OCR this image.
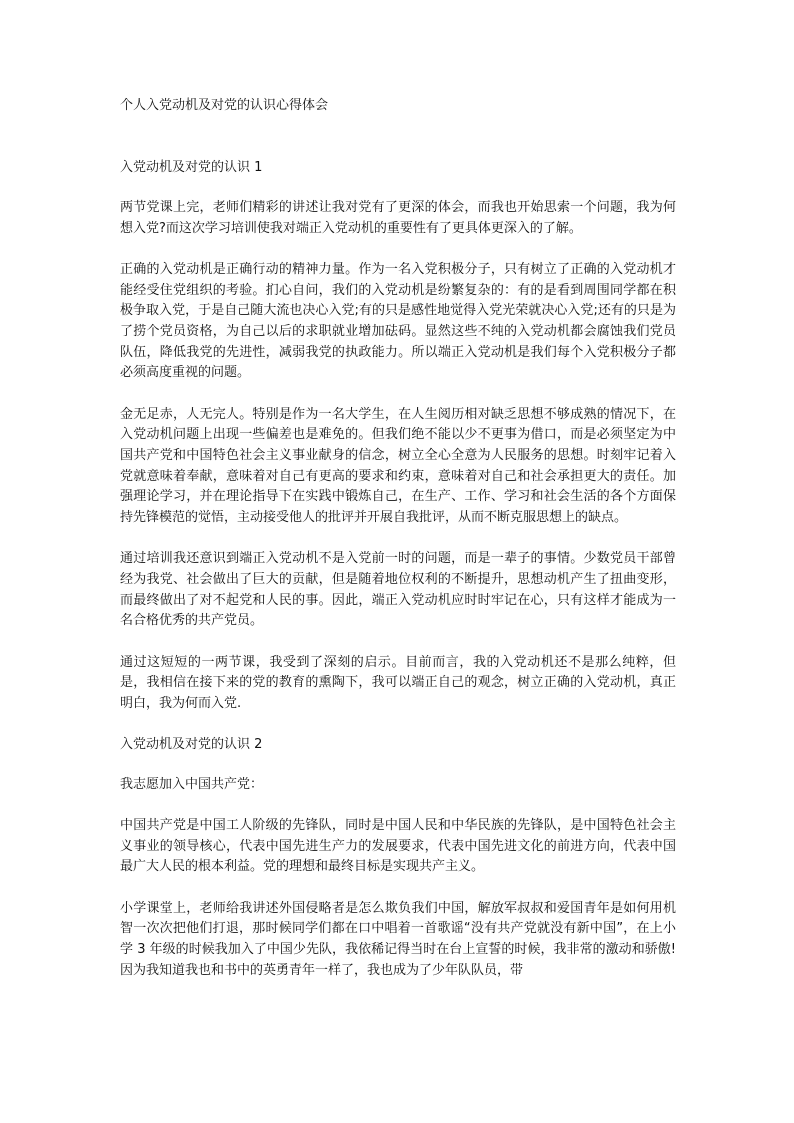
个人入党动机及对党的认识心得体会
入党动机及对党的认识 1

两节党课上完，老师们精彩的讲述让我对党有了更深的体会，而我也开始思索一个问题，我为何想入党?而这次学习培训使我对端正入党动机的重要性有了更具体更深入的了解。

正确的入党动机是正确行动的精神力量。作为一名入党积极分子，只有树立了正确的入党动机才能经受住党组织的考验。扪心自问，我们的入党动机是纷繁复杂的：有的是看到周围同学都在积极争取入党，于是自己随大流也决心入党;有的只是感性地觉得入党光荣就决心入党;还有的只是为了捞个党员资格，为自己以后的求职就业增加砝码。显然这些不纯的入党动机都会腐蚀我们党员队伍，降低我党的先进性，减弱我党的执政能力。所以端正入党动机是我们每个入党积极分子都必须高度重视的问题。

金无足赤，人无完人。特别是作为一名大学生，在人生阅历相对缺乏思想不够成熟的情况下，在入党动机问题上出现一些偏差也是难免的。但我们绝不能以少不更事为借口，而是必须坚定为中国共产党和中国特色社会主义事业献身的信念，树立全心全意为人民服务的思想。时刻牢记着入党就意味着奉献，意味着对自己有更高的要求和约束，意味着对自己和社会承担更大的责任。加强理论学习，并在理论指导下在实践中锻炼自己，在生产、工作、学习和社会生活的各个方面保持先锋模范的觉悟，主动接受他人的批评并开展自我批评，从而不断克服思想上的缺点。

通过培训我还意识到端正入党动机不是入党前一时的问题，而是一辈子的事情。少数党员干部曾经为我党、社会做出了巨大的贡献，但是随着地位权利的不断提升，思想动机产生了扭曲变形，而最终做出了对不起党和人民的事。因此，端正入党动机应时时牢记在心，只有这样才能成为一名合格优秀的共产党员。

通过这短短的一两节课，我受到了深刻的启示。目前而言，我的入党动机还不是那么纯粹，但是，我相信在接下来的党的教育的熏陶下，我可以端正自己的观念，树立正确的入党动机，真正明白，我为何而入党.

入党动机及对党的认识 2

我志愿加入中国共产党：

中国共产党是中国工人阶级的先锋队，同时是中国人民和中华民族的先锋队，是中国特色社会主义事业的领导核心，代表中国先进生产力的发展要求，代表中国先进文化的前进方向，代表中国最广大人民的根本利益。党的理想和最终目标是实现共产主义。

小学课堂上，老师给我讲述外国侵略者是怎么欺负我们中国，解放军叔叔和爱国青年是如何用机智一次次把他们打退，那时候同学们都在口中唱着一首歌谣“没有共产党就没有新中国”，在上小学 3 年级的时候我加入了中国少先队，我依稀记得当时在台上宣誓的时候，我非常的激动和骄傲!因为我知道我也和书中的英勇青年一样了，我也成为了少年队队员，带
